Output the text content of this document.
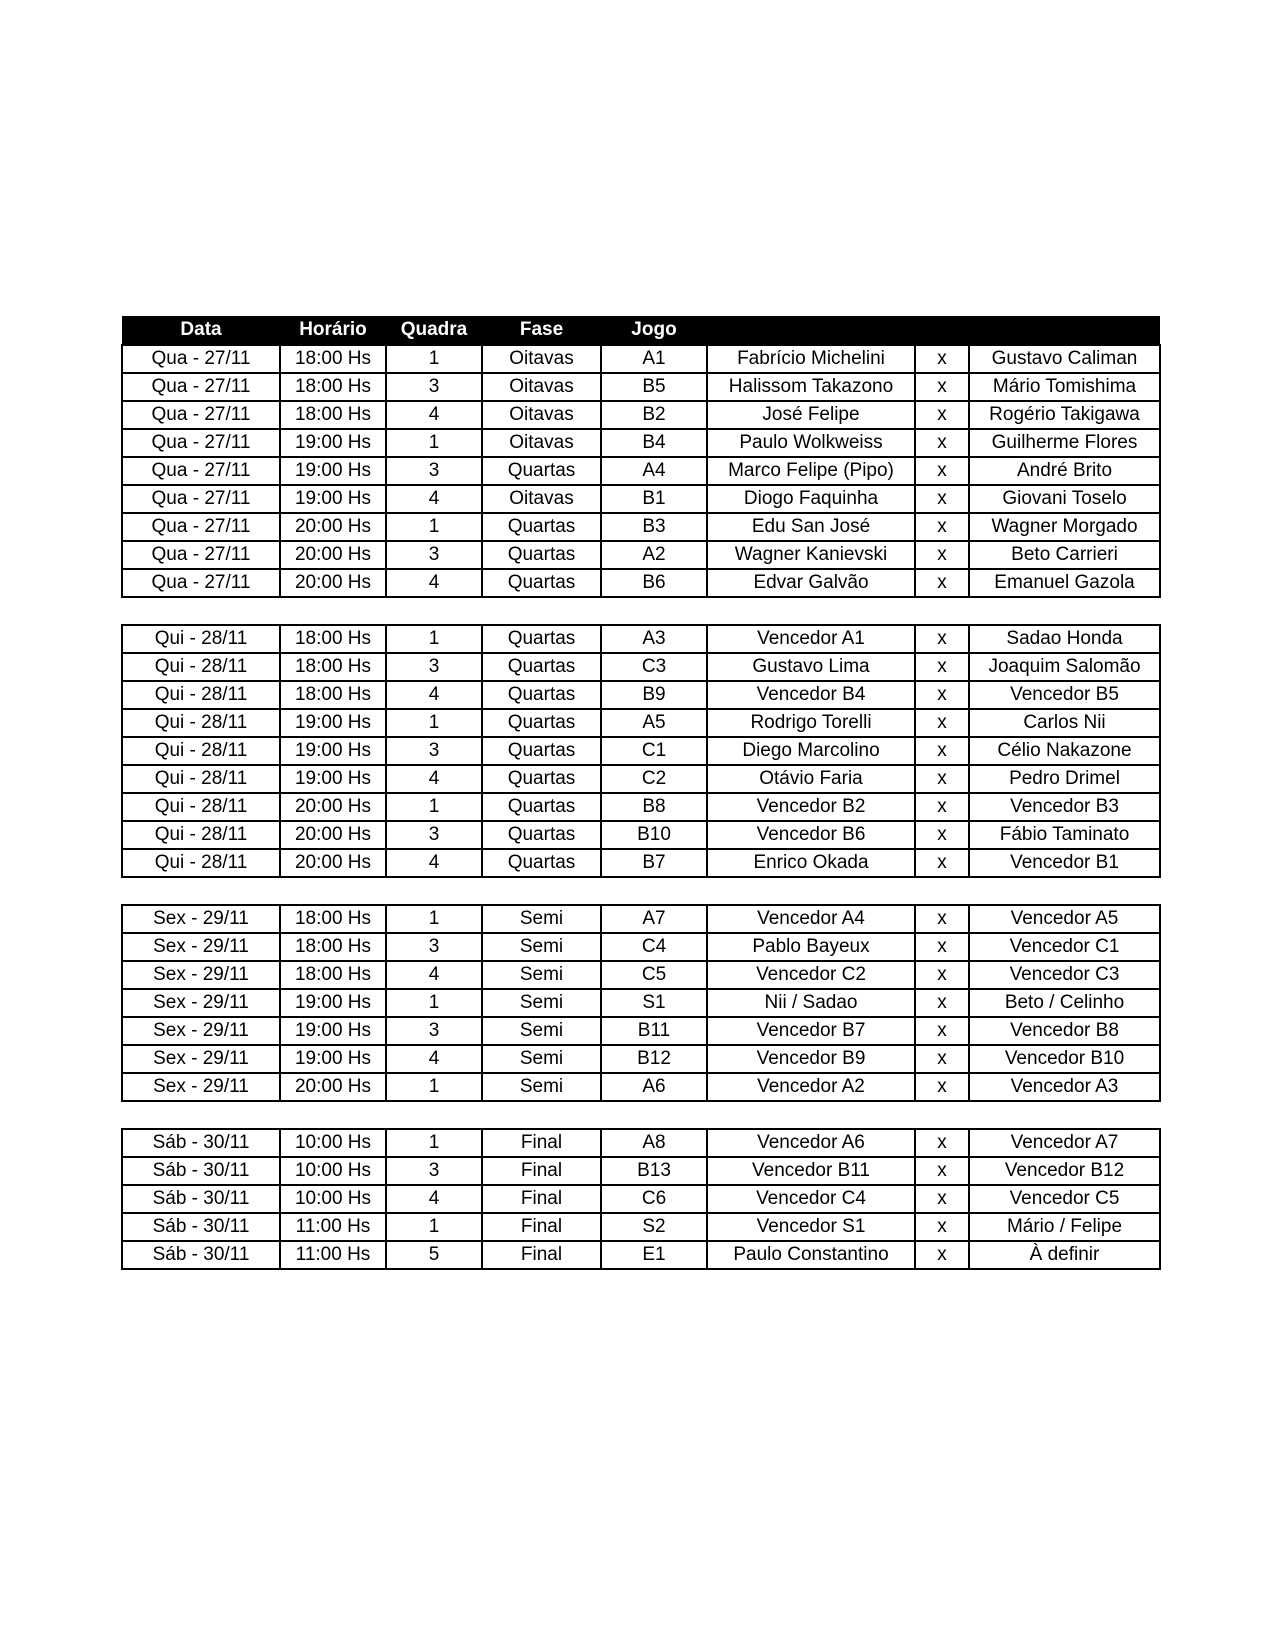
Data	Horário	Quadra	Fase	Jogo			
Qua - 27/11	18:00 Hs	1	Oitavas	A1	Fabrício Michelini	x	Gustavo Caliman
Qua - 27/11	18:00 Hs	3	Oitavas	B5	Halissom Takazono	x	Mário Tomishima
Qua - 27/11	18:00 Hs	4	Oitavas	B2	José Felipe	x	Rogério Takigawa
Qua - 27/11	19:00 Hs	1	Oitavas	B4	Paulo Wolkweiss	x	Guilherme Flores
Qua - 27/11	19:00 Hs	3	Quartas	A4	Marco Felipe (Pipo)	x	André Brito
Qua - 27/11	19:00 Hs	4	Oitavas	B1	Diogo Faquinha	x	Giovani Toselo
Qua - 27/11	20:00 Hs	1	Quartas	B3	Edu San José	x	Wagner Morgado
Qua - 27/11	20:00 Hs	3	Quartas	A2	Wagner Kanievski	x	Beto Carrieri
Qua - 27/11	20:00 Hs	4	Quartas	B6	Edvar Galvão	x	Emanuel Gazola

Qui - 28/11	18:00 Hs	1	Quartas	A3	Vencedor A1	x	Sadao Honda
Qui - 28/11	18:00 Hs	3	Quartas	C3	Gustavo Lima	x	Joaquim Salomão
Qui - 28/11	18:00 Hs	4	Quartas	B9	Vencedor B4	x	Vencedor B5
Qui - 28/11	19:00 Hs	1	Quartas	A5	Rodrigo Torelli	x	Carlos Nii
Qui - 28/11	19:00 Hs	3	Quartas	C1	Diego Marcolino	x	Célio Nakazone
Qui - 28/11	19:00 Hs	4	Quartas	C2	Otávio Faria	x	Pedro Drimel
Qui - 28/11	20:00 Hs	1	Quartas	B8	Vencedor B2	x	Vencedor B3
Qui - 28/11	20:00 Hs	3	Quartas	B10	Vencedor B6	x	Fábio Taminato
Qui - 28/11	20:00 Hs	4	Quartas	B7	Enrico Okada	x	Vencedor B1

Sex - 29/11	18:00 Hs	1	Semi	A7	Vencedor A4	x	Vencedor A5
Sex - 29/11	18:00 Hs	3	Semi	C4	Pablo Bayeux	x	Vencedor C1
Sex - 29/11	18:00 Hs	4	Semi	C5	Vencedor C2	x	Vencedor C3
Sex - 29/11	19:00 Hs	1	Semi	S1	Nii / Sadao	x	Beto / Celinho
Sex - 29/11	19:00 Hs	3	Semi	B11	Vencedor B7	x	Vencedor B8
Sex - 29/11	19:00 Hs	4	Semi	B12	Vencedor B9	x	Vencedor B10
Sex - 29/11	20:00 Hs	1	Semi	A6	Vencedor A2	x	Vencedor A3

Sáb - 30/11	10:00 Hs	1	Final	A8	Vencedor A6	x	Vencedor A7
Sáb - 30/11	10:00 Hs	3	Final	B13	Vencedor B11	x	Vencedor B12
Sáb - 30/11	10:00 Hs	4	Final	C6	Vencedor C4	x	Vencedor C5
Sáb - 30/11	11:00 Hs	1	Final	S2	Vencedor S1	x	Mário / Felipe
Sáb - 30/11	11:00 Hs	5	Final	E1	Paulo Constantino	x	À definir
